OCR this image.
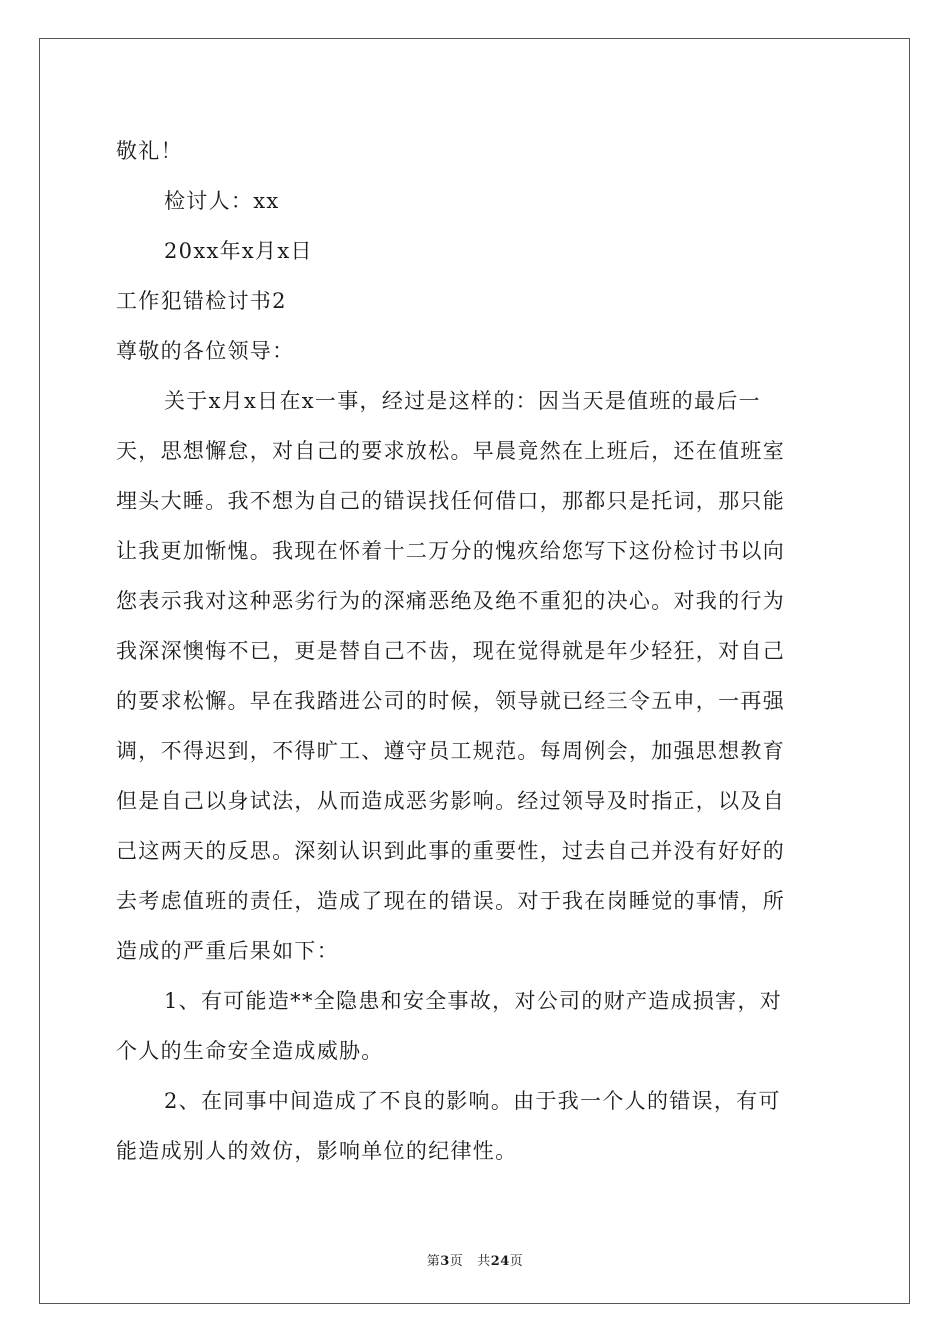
敬礼！
检讨人：xx
20xx年x月x日
工作犯错检讨书2
尊敬的各位领导：
关于x月x日在x一事，经过是这样的：因当天是值班的最后一
天，思想懈怠，对自己的要求放松。早晨竟然在上班后，还在值班室
埋头大睡。我不想为自己的错误找任何借口，那都只是托词，那只能
让我更加惭愧。我现在怀着十二万分的愧疚给您写下这份检讨书以向
您表示我对这种恶劣行为的深痛恶绝及绝不重犯的决心。对我的行为
我深深懊悔不已，更是替自己不齿，现在觉得就是年少轻狂，对自己
的要求松懈。早在我踏进公司的时候，领导就已经三令五申，一再强
调，不得迟到，不得旷工、遵守员工规范。每周例会，加强思想教育
但是自己以身试法，从而造成恶劣影响。经过领导及时指正，以及自
己这两天的反思。深刻认识到此事的重要性，过去自己并没有好好的
去考虑值班的责任，造成了现在的错误。对于我在岗睡觉的事情，所
造成的严重后果如下：
1、有可能造**全隐患和安全事故，对公司的财产造成损害，对
个人的生命安全造成威胁。
2、在同事中间造成了不良的影响。由于我一个人的错误，有可
能造成别人的效仿，影响单位的纪律性。
第3页 共24页
